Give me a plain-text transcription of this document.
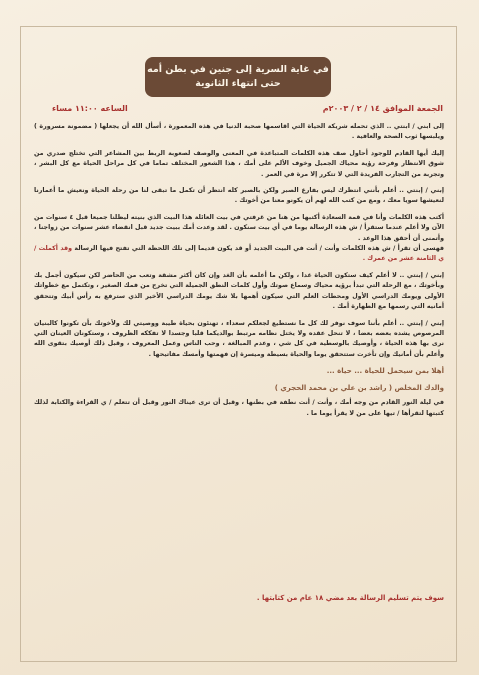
في غاية السرية إلى جنين في بطن أمه
حتى انتهاء الثانوية
الجمعة الموافق ١٤ / ٢ / ٢٠٠٣م
الساعه ١١:٠٠ مساء

إلى ابني / ابنتي .. الذي تحمله شريكة الحياة التي اقاسمها صحبة الدنيا في هذه المعمورة ، أسأل الله أن يجعلها ( مضمونة مسرورة ) ويلبسها ثوب الصحة والعافية .

إليك أيها القادم للوجود أحاول صف هذه الكلمات المتباعدة في المعنى والوصف لصعوبة الربط بين المشاعر التي تختلج صدري من شوق الانتظار وفرحة رؤية محياك الجميل وخوف الألم على أمك ، هذا الشعور المختلف تماما في كل مراحل الحياة مع كل البشر ، وتجربة من التجارب الفريدة التي لا تتكرر إلا مرة في العمر .

إبني / إبنتي .. أعلم بأنني انتظرك ليس بفارغ الصبر ولكن بالصبر كله انتظر أن تكمل ما تبقى لنا من رحلة الحياة ونعيش ما أعمارنا لنعيشها سويا معك ، ومع من كتب الله لهم أن يكونو معنا من أخوتك .

أكتب هذه الكلمات وأنا في قمة السعادة أكتبها من هنا من غرفتي في بيت العائلة هذا البيت الذي بنيته ليظلنا جميعا قبل ٤ سنوات من الآن ولا أعلم عندما ستقرأ / ش هذه الرسالة يوما في أي بيت سنكون . لقد وعدت أمك ببيت جديد قبل انقضاء عشر سنوات من زواجنا ، وأتمنى أن أحقق هذا الوعد .

فهسى أن تقرأ / ش هذه الكلمات وأنت / أنت في البيت الجديد أو قد يكون قديما إلى تلك اللحظة التي تفتح فيها الرسالة وقد أكملت / ي الثامنة عشر من عمرك .

إبني / إبنتي .. لا أعلم كيف ستكون الحياة غدا ، ولكن ما أعلمه بأن الغد وإن كان أكثر مشقة وتعب من الحاضر لكن سيكون أجمل بك وبأخوتك ، مع الرحلة التي تبدأ برؤية محياك وسماع صوتك وأول كلمات النطق الجميلة التي تخرج من فمك الصغير ، وتكتمل مع خطواتك الأولى ويومك الدراسي الأول ومحطات العلم التي سيكون أهمها بلا شك يومك الدراسي الأخير الذي سترفع به رأس أبيك وتتحقق أمانيه التي رسمها مع الطهارة أمك .

إبني / إبنتي .. أعلم بأننا سوف نوفر لك كل ما نستطيع لجعلكم سعداء ، تهنئون بحياة طيبة ووصيتي لك ولأخوتك بأن تكونوا كالبنيان المرصوص يشده بعضه بعضا ، لا تنحل عقده ولا يختل نظامه مرتبط بوالديكما قلبا وجسدا لا تفككه الظروف ، وستكونان العينان التي نرى بها هذه الحياة ، وأوصيك بالوسطية في كل شي ، وعدم المبالغة ، وحب الناس وعمل المعروف ، وقبل ذلك أوصيك بتقوى الله وأعلم بأن أمانيك وإن تأخرت ستتحقق يوما والحياة بسيطة وميسرة إن فهمتها وأمسك مفاتيحها .

أهلا بمن سيحمل للحياة ... حياة ...

والدك المخلص ( راشد بن علي بن محمد الحجري )

في ليلة النور القادم من وجه أمك ، وأنت / أنت نطفة في بطنها ، وقبل أن ترى عيناك النور وقبل أن تتعلم / ي القراءة والكتابة لذلك كتبتها لتقرأها / تيها على من لا يقرأ يوما ما .

سوف يتم تسليم الرسالة بعد مضي ١٨ عام من كتابتها .
